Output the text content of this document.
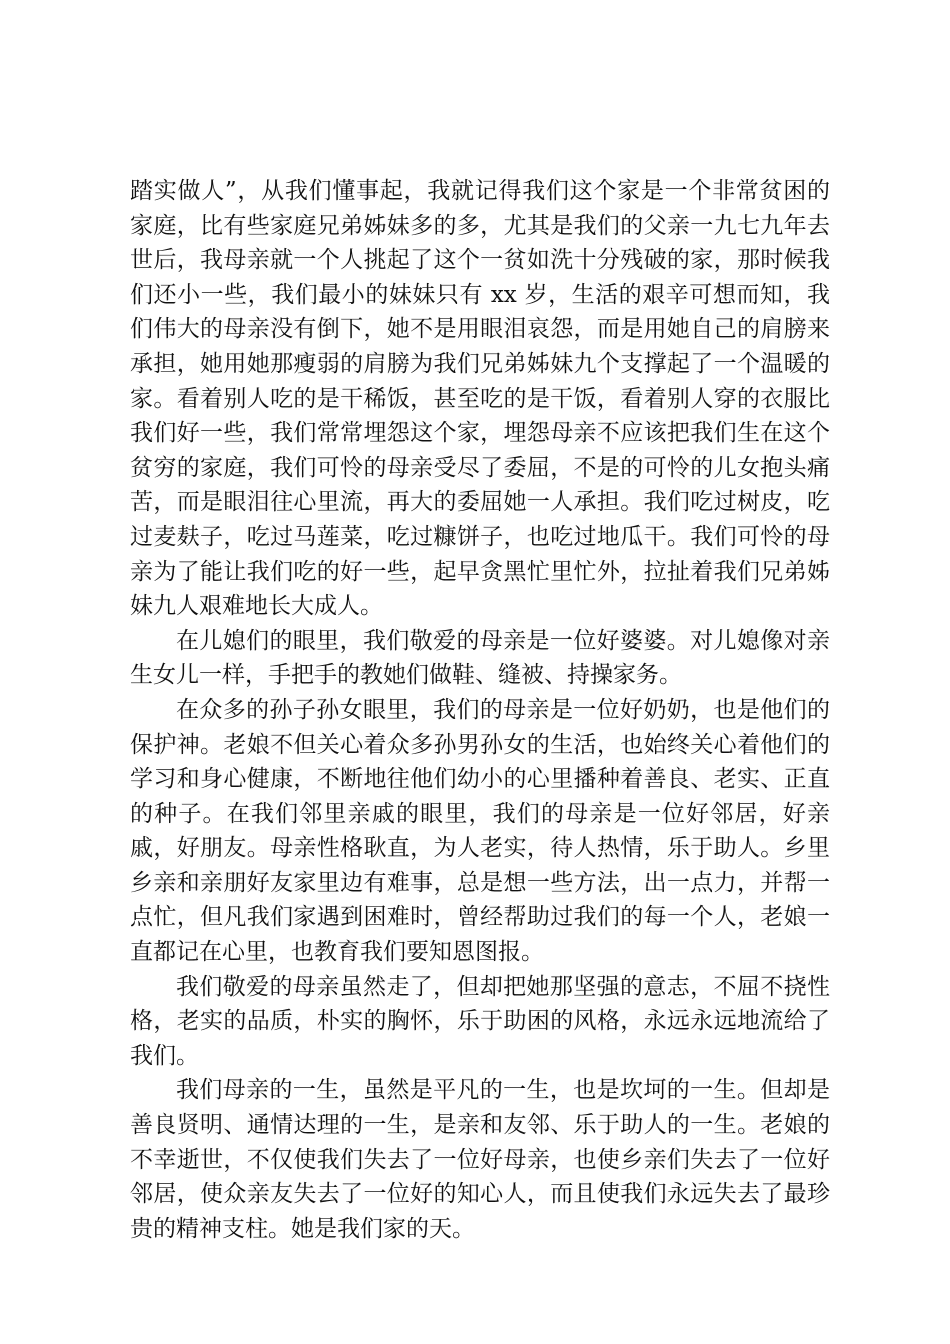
踏实做人”，从我们懂事起，我就记得我们这个家是一个非常贫困的家庭，比有些家庭兄弟姊妹多的多，尤其是我们的父亲一九七九年去世后，我母亲就一个人挑起了这个一贫如洗十分残破的家，那时候我们还小一些，我们最小的妹妹只有 xx 岁，生活的艰辛可想而知，我们伟大的母亲没有倒下，她不是用眼泪哀怨，而是用她自己的肩膀来承担，她用她那瘦弱的肩膀为我们兄弟姊妹九个支撑起了一个温暖的家。看着别人吃的是干稀饭，甚至吃的是干饭，看着别人穿的衣服比我们好一些，我们常常埋怨这个家，埋怨母亲不应该把我们生在这个贫穷的家庭，我们可怜的母亲受尽了委屈，不是的可怜的儿女抱头痛苦，而是眼泪往心里流，再大的委屈她一人承担。我们吃过树皮，吃过麦麸子，吃过马莲菜，吃过糠饼子，也吃过地瓜干。我们可怜的母亲为了能让我们吃的好一些，起早贪黑忙里忙外，拉扯着我们兄弟姊妹九人艰难地长大成人。

在儿媳们的眼里，我们敬爱的母亲是一位好婆婆。对儿媳像对亲生女儿一样，手把手的教她们做鞋、缝被、持操家务。

在众多的孙子孙女眼里，我们的母亲是一位好奶奶，也是他们的保护神。老娘不但关心着众多孙男孙女的生活，也始终关心着他们的学习和身心健康，不断地往他们幼小的心里播种着善良、老实、正直的种子。在我们邻里亲戚的眼里，我们的母亲是一位好邻居，好亲戚，好朋友。母亲性格耿直，为人老实，待人热情，乐于助人。乡里乡亲和亲朋好友家里边有难事，总是想一些方法，出一点力，并帮一点忙，但凡我们家遇到困难时，曾经帮助过我们的每一个人，老娘一直都记在心里，也教育我们要知恩图报。

我们敬爱的母亲虽然走了，但却把她那坚强的意志，不屈不挠性格，老实的品质，朴实的胸怀，乐于助困的风格，永远永远地流给了我们。

我们母亲的一生，虽然是平凡的一生，也是坎坷的一生。但却是善良贤明、通情达理的一生，是亲和友邻、乐于助人的一生。老娘的不幸逝世，不仅使我们失去了一位好母亲，也使乡亲们失去了一位好邻居，使众亲友失去了一位好的知心人，而且使我们永远失去了最珍贵的精神支柱。她是我们家的天。
